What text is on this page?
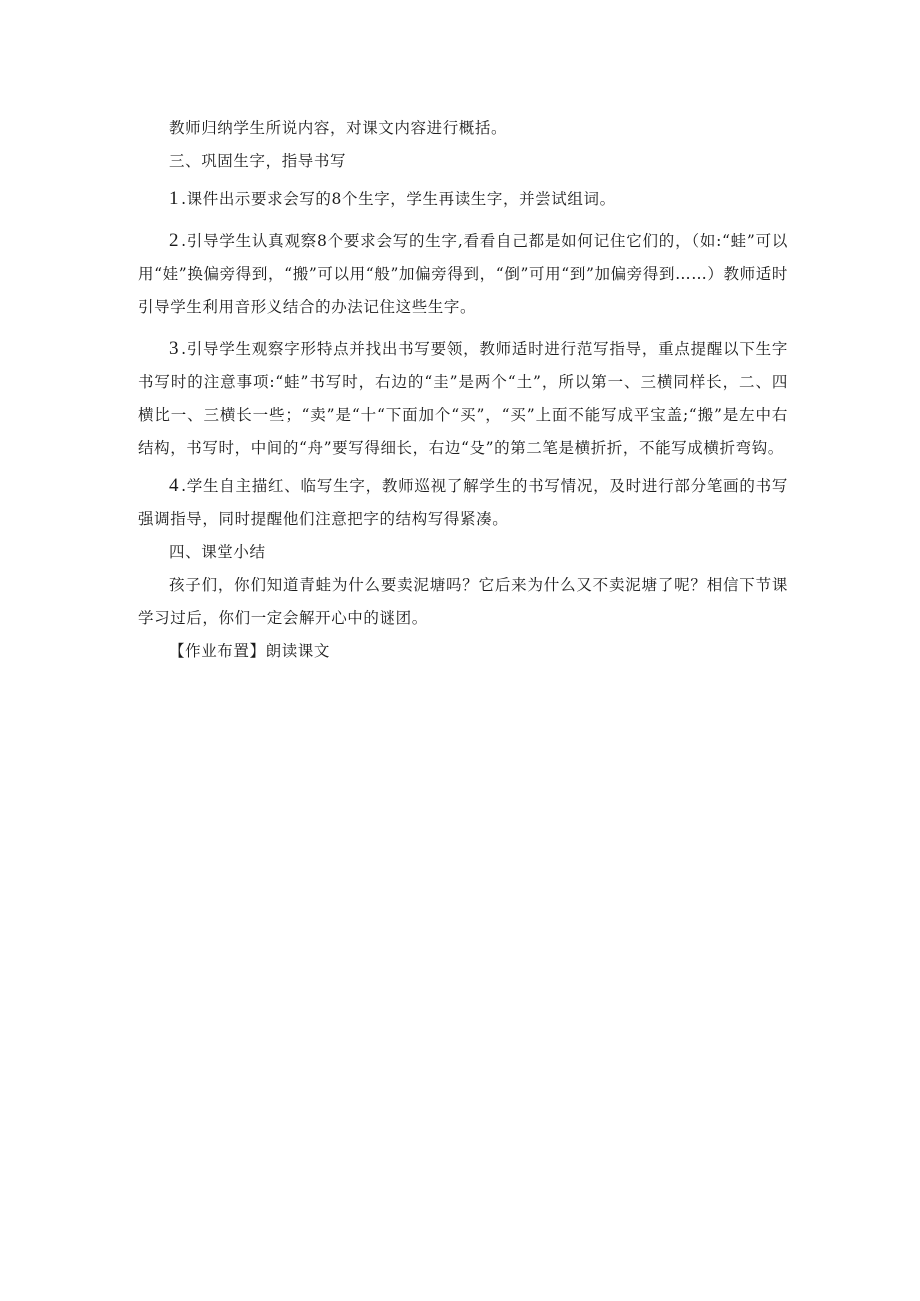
教师归纳学生所说内容，对课文内容进行概括。

三、巩固生字，指导书写

1 .课件出示要求会写的8个生字，学生再读生字，并尝试组词。

2 .引导学生认真观察8个要求会写的生字,看看自己都是如何记住它们的，（如:“蛙”可以用“娃”换偏旁得到，“搬”可以用“般”加偏旁得到，“倒”可用“到”加偏旁得到……）教师适时引导学生利用音形义结合的办法记住这些生字。

3 .引导学生观察字形特点并找出书写要领，教师适时进行范写指导，重点提醒以下生字书写时的注意事项:“蛙”书写时，右边的“圭”是两个“土”，所以第一、三横同样长，二、四横比一、三横长一些；“卖”是“十“下面加个“买”，“买”上面不能写成平宝盖;“搬”是左中右结构，书写时，中间的“舟”要写得细长，右边“殳”的第二笔是横折折，不能写成横折弯钩。

4 .学生自主描红、临写生字，教师巡视了解学生的书写情况，及时进行部分笔画的书写强调指导，同时提醒他们注意把字的结构写得紧凑。

四、课堂小结

孩子们，你们知道青蛙为什么要卖泥塘吗？它后来为什么又不卖泥塘了呢？相信下节课学习过后，你们一定会解开心中的谜团。

【作业布置】朗读课文
